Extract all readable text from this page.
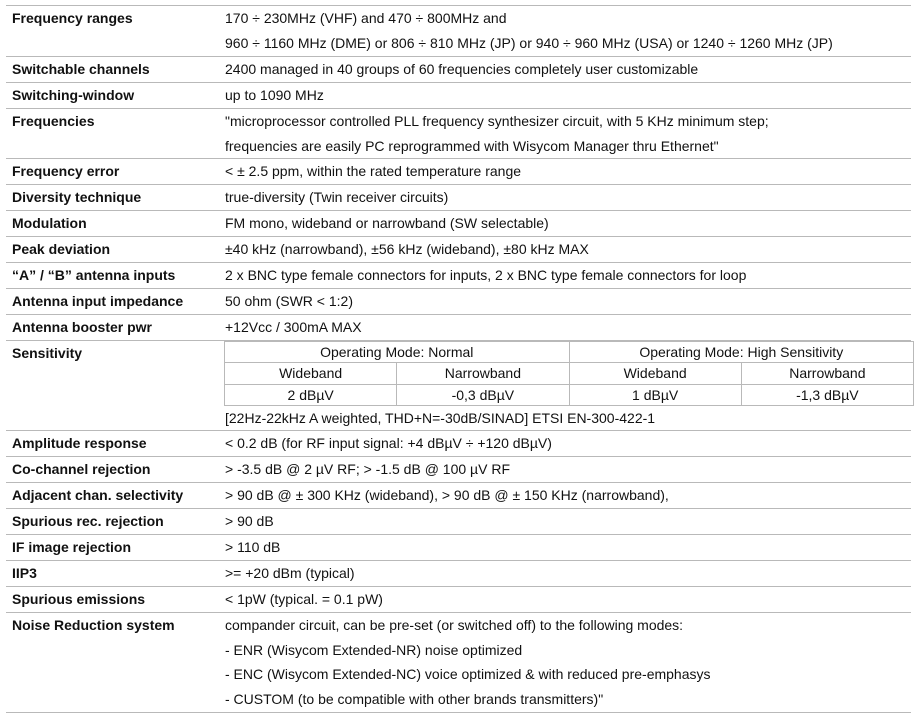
Frequency ranges	170 ÷ 230MHz (VHF) and 470 ÷ 800MHz and
960 ÷ 1160 MHz (DME) or 806 ÷ 810 MHz (JP) or 940 ÷ 960 MHz (USA) or 1240 ÷ 1260 MHz (JP)

Switchable channels	2400 managed in 40 groups of 60 frequencies completely user customizable

Switching-window	up to 1090 MHz

Frequencies	"microprocessor controlled PLL frequency synthesizer circuit, with 5 KHz minimum step;
frequencies are easily PC reprogrammed with Wisycom Manager thru Ethernet"

Frequency error	< ± 2.5 ppm, within the rated temperature range

Diversity technique	true-diversity (Twin receiver circuits)

Modulation	FM mono, wideband or narrowband (SW selectable)

Peak deviation	±40 kHz (narrowband), ±56 kHz (wideband), ±80 kHz MAX

“A” / “B” antenna inputs	2 x BNC type female connectors for inputs, 2 x BNC type female connectors for loop

Antenna input impedance	50 ohm (SWR < 1:2)

Antenna booster pwr	+12Vcc / 300mA MAX

Sensitivity		Operating Mode: Normal	Operating Mode: High Sensitivity
Wideband	Narrowband	Wideband	Narrowband
2 dBµV	-0,3 dBµV	1 dBµV	-1,3 dBµV
[22Hz-22kHz A weighted, THD+N=-30dB/SINAD] ETSI EN-300-422-1

Amplitude response	< 0.2 dB (for RF input signal: +4 dBµV ÷ +120 dBµV)

Co-channel rejection	> -3.5 dB @ 2 µV RF; > -1.5 dB @ 100 µV RF

Adjacent chan. selectivity	> 90 dB @ ± 300 KHz (wideband), > 90 dB @ ± 150 KHz (narrowband),

Spurious rec. rejection	> 90 dB

IF image rejection	> 110 dB

IIP3	>= +20 dBm (typical)

Spurious emissions	< 1pW (typical. = 0.1 pW)

Noise Reduction system	compander circuit, can be pre-set (or switched off) to the following modes:
- ENR (Wisycom Extended-NR) noise optimized
- ENC (Wisycom Extended-NC) voice optimized & with reduced pre-emphasys
- CUSTOM (to be compatible with other brands transmitters)"
